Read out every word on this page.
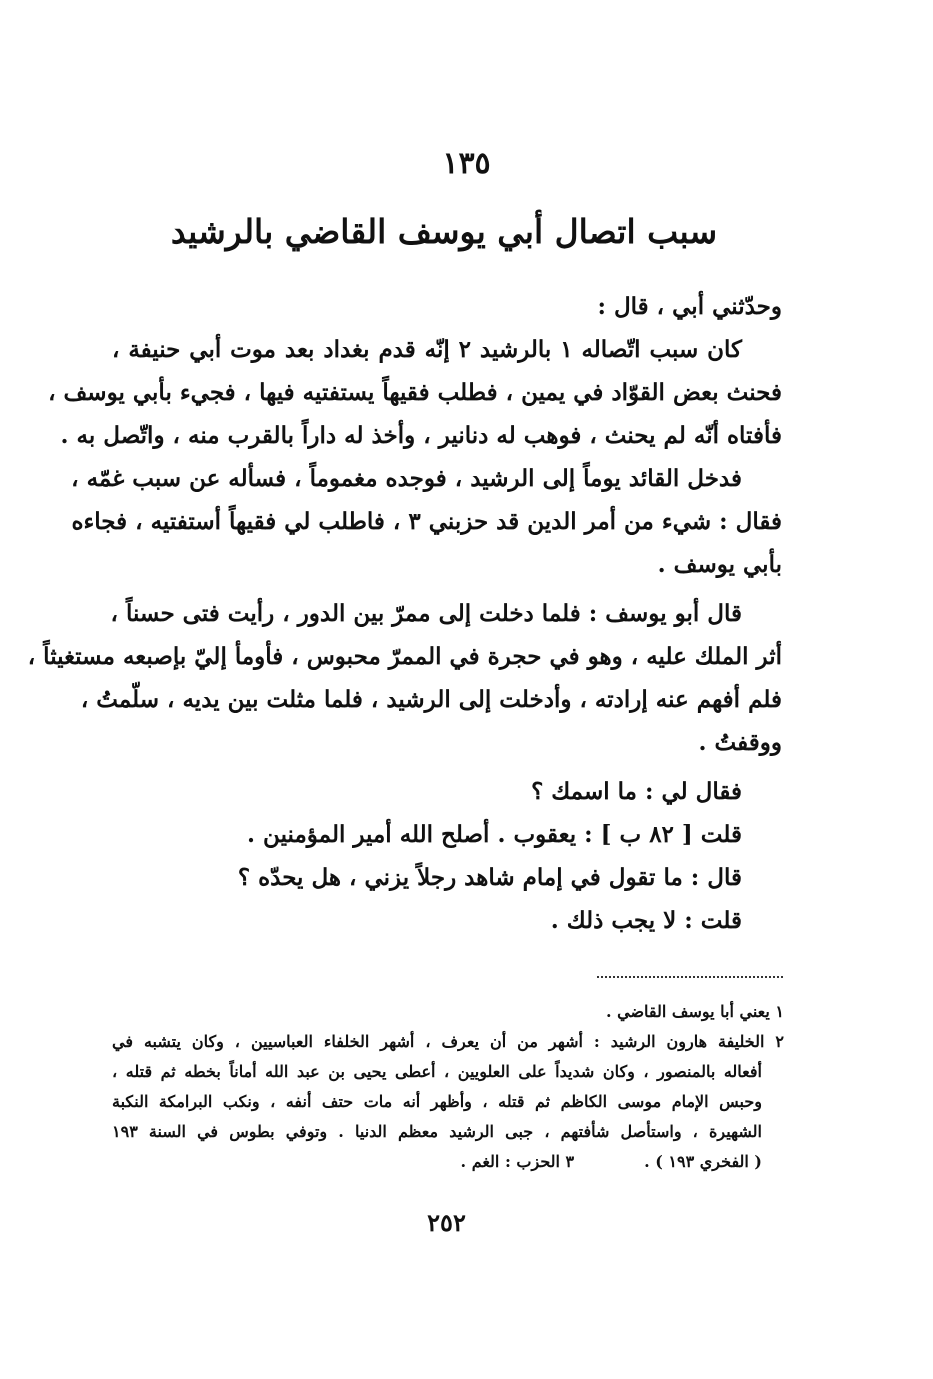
١٣٥
سبب اتصال أبي يوسف القاضي بالرشيد
وحدّثني أبي ، قال :
كان سبب اتّصاله ١ بالرشيد ٢ إنّه قدم بغداد بعد موت أبي حنيفة ،
فحنث بعض القوّاد في يمين ، فطلب فقيهاً يستفتيه فيها ، فجيء بأبي يوسف ،
فأفتاه أنّه لم يحنث ، فوهب له دنانير ، وأخذ له داراً بالقرب منه ، واتّصل به .
فدخل القائد يوماً إلى الرشيد ، فوجده مغموماً ، فسأله عن سبب غمّه ،
فقال : شيء من أمر الدين قد حزبني ٣ ، فاطلب لي فقيهاً أستفتيه ، فجاءه
بأبي يوسف .
قال أبو يوسف : فلما دخلت إلى ممرّ بين الدور ، رأيت فتى حسناً ،
أثر الملك عليه ، وهو في حجرة في الممرّ محبوس ، فأومأ إليّ بإصبعه مستغيثاً ،
فلم أفهم عنه إرادته ، وأدخلت إلى الرشيد ، فلما مثلت بين يديه ، سلّمتُ ،
ووقفتُ .
فقال لي : ما اسمك ؟
قلت [ ٨٢ ب ] : يعقوب . أصلح الله أمير المؤمنين .
قال : ما تقول في إمام شاهد رجلاً يزني ، هل يحدّه ؟
قلت : لا يجب ذلك .
١ يعني أبا يوسف القاضي .
٢ الخليفة هارون الرشيد : أشهر من أن يعرف ، أشهر الخلفاء العباسيين ، وكان يتشبه في
أفعاله بالمنصور ، وكان شديداً على العلويين ، أعطى يحيى بن عبد الله أماناً بخطه ثم قتله ،
وحبس الإمام موسى الكاظم ثم قتله ، وأظهر أنه مات حتف أنفه ، ونكب البرامكة النكبة
الشهيرة ، واستأصل شأفتهم ، جبى الرشيد معظم الدنيا . وتوفي بطوس في السنة ١٩٣
( الفخري ١٩٣ ) .٣ الحزب : الغم .
٢٥٢
